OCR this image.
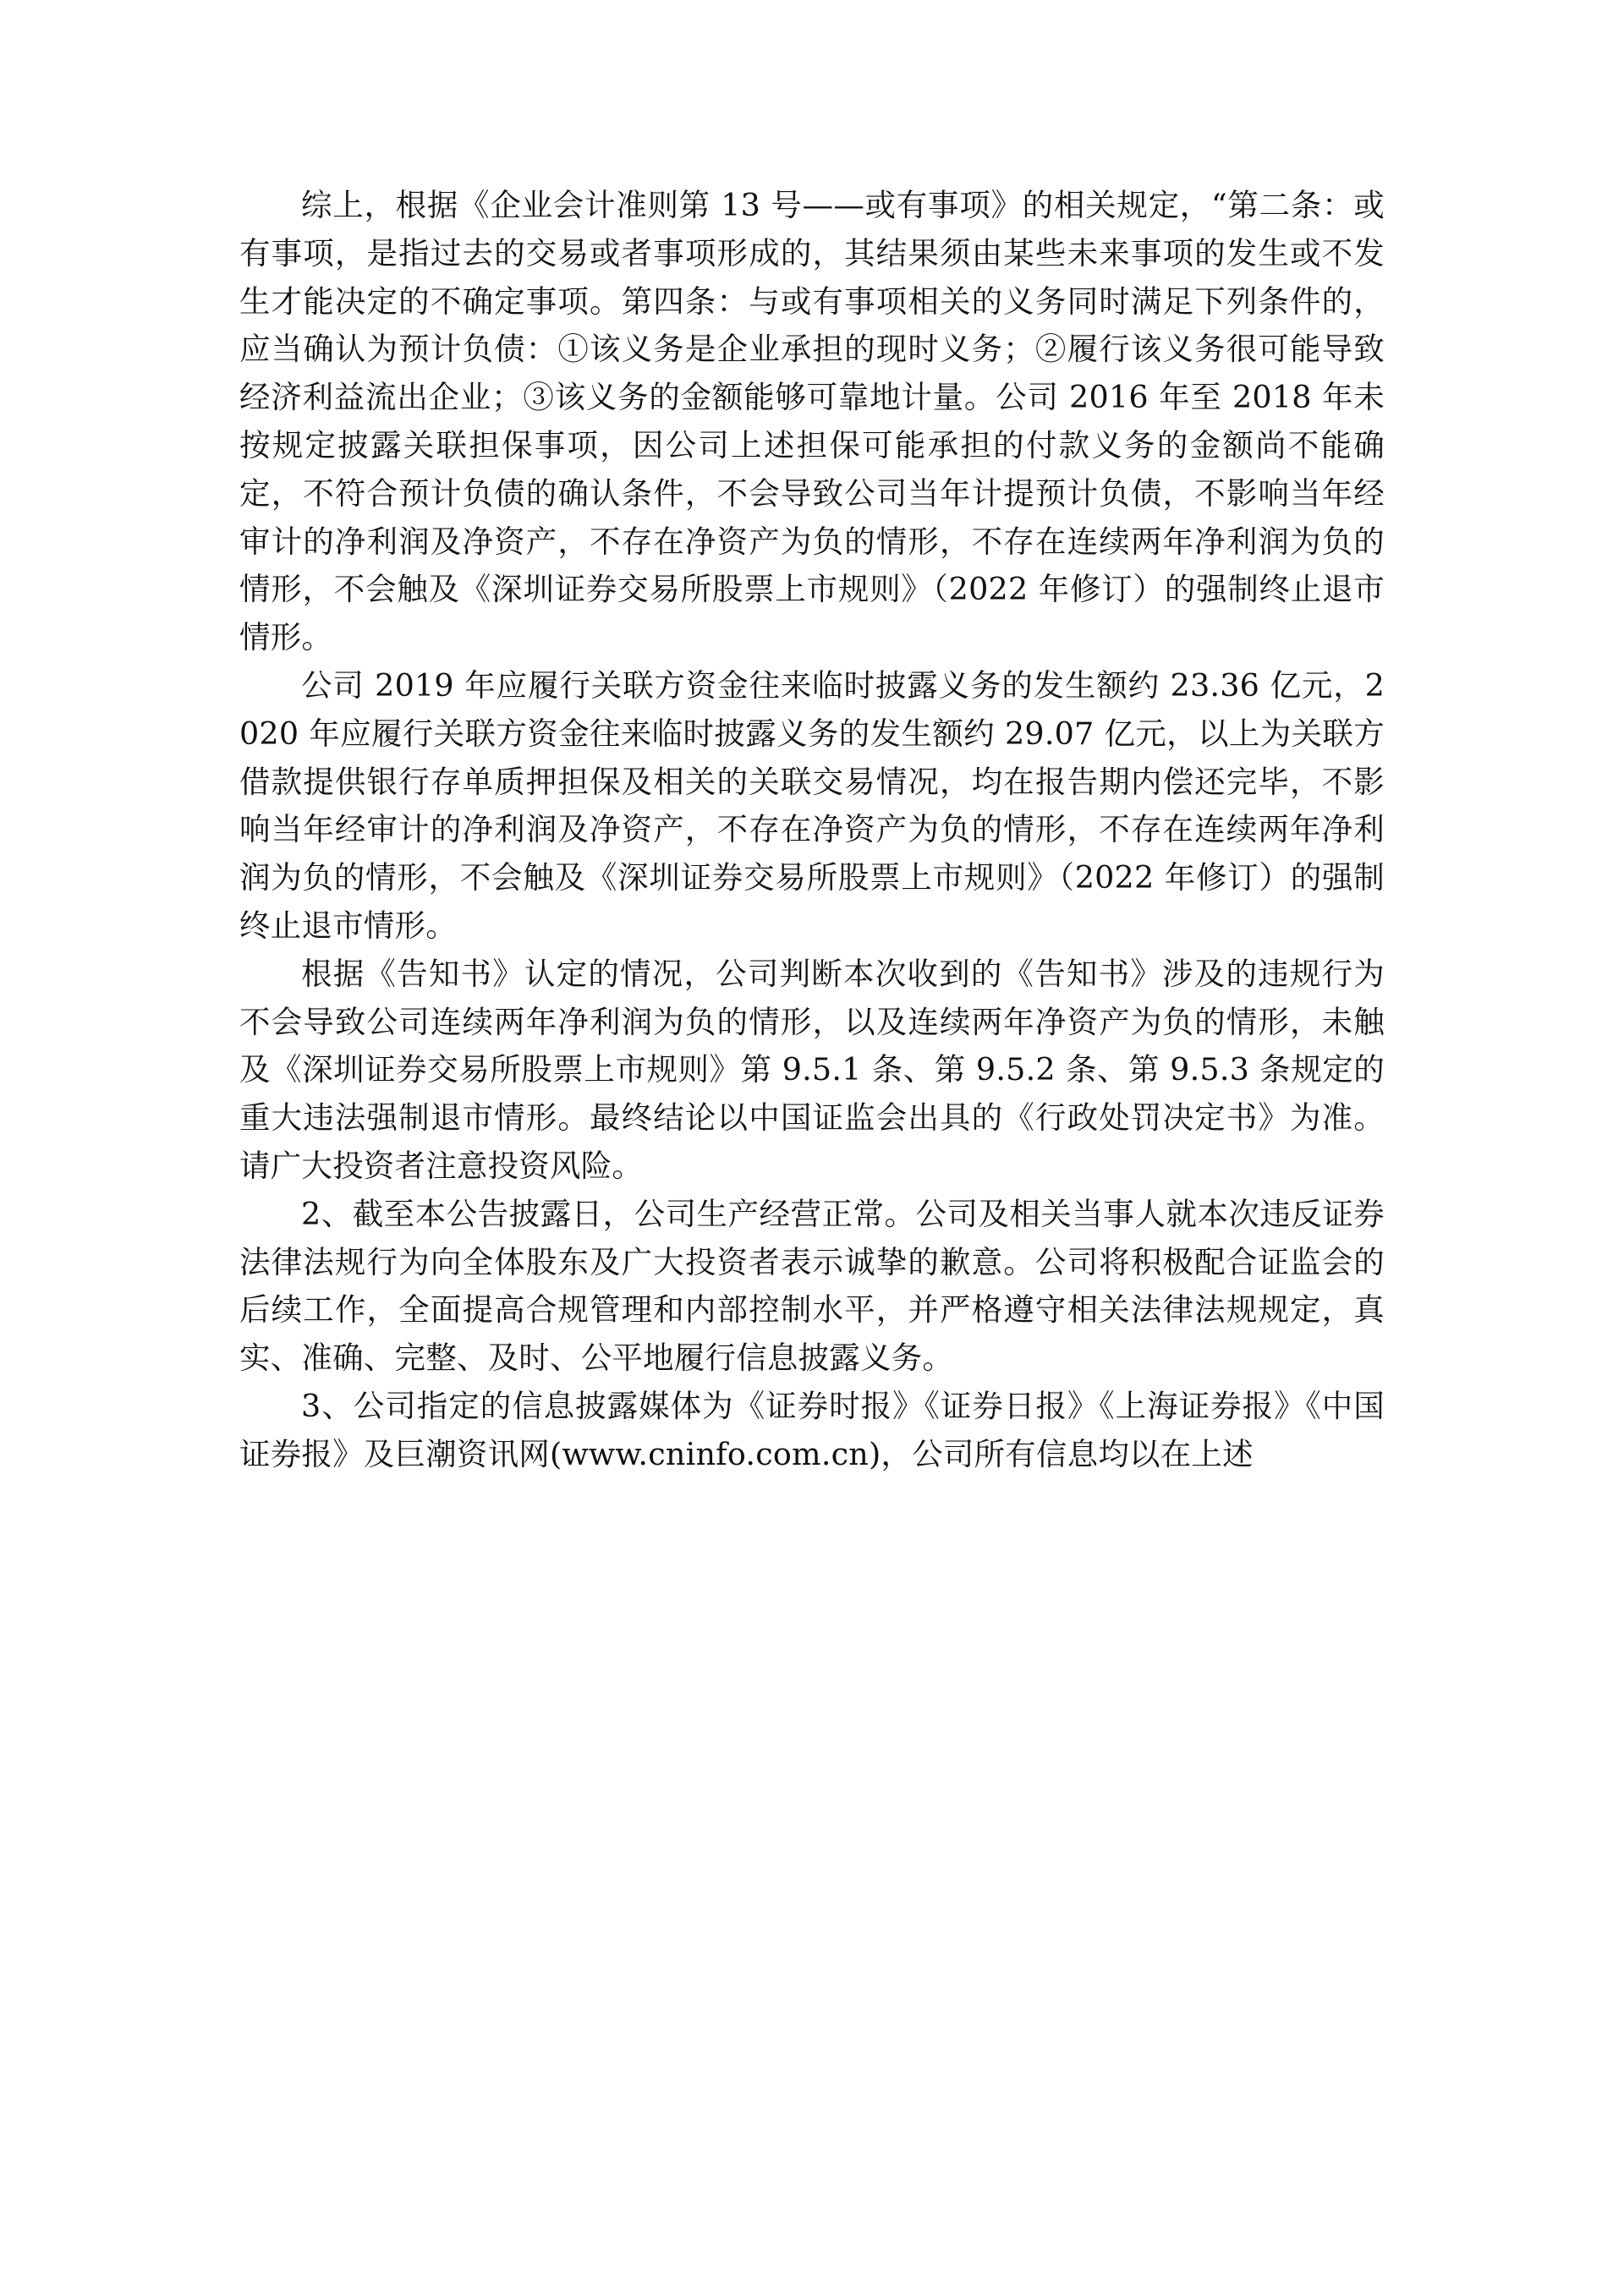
综上，根据《企业会计准则第 13 号——或有事项》的相关规定，“第二条：或有事项，是指过去的交易或者事项形成的，其结果须由某些未来事项的发生或不发生才能决定的不确定事项。第四条：与或有事项相关的义务同时满足下列条件的，应当确认为预计负债：①该义务是企业承担的现时义务；②履行该义务很可能导致经济利益流出企业；③该义务的金额能够可靠地计量。公司 2016 年至 2018 年未按规定披露关联担保事项，因公司上述担保可能承担的付款义务的金额尚不能确定，不符合预计负债的确认条件，不会导致公司当年计提预计负债，不影响当年经审计的净利润及净资产，不存在净资产为负的情形，不存在连续两年净利润为负的情形，不会触及《深圳证券交易所股票上市规则》（2022 年修订）的强制终止退市情形。

公司 2019 年应履行关联方资金往来临时披露义务的发生额约 23.36 亿元，2020 年应履行关联方资金往来临时披露义务的发生额约 29.07 亿元，以上为关联方借款提供银行存单质押担保及相关的关联交易情况，均在报告期内偿还完毕，不影响当年经审计的净利润及净资产，不存在净资产为负的情形，不存在连续两年净利润为负的情形，不会触及《深圳证券交易所股票上市规则》（2022 年修订）的强制终止退市情形。

根据《告知书》认定的情况，公司判断本次收到的《告知书》涉及的违规行为不会导致公司连续两年净利润为负的情形，以及连续两年净资产为负的情形，未触及《深圳证券交易所股票上市规则》第 9.5.1 条、第 9.5.2 条、第 9.5.3 条规定的重大违法强制退市情形。最终结论以中国证监会出具的《行政处罚决定书》为准。请广大投资者注意投资风险。

2、截至本公告披露日，公司生产经营正常。公司及相关当事人就本次违反证券法律法规行为向全体股东及广大投资者表示诚挚的歉意。公司将积极配合证监会的后续工作，全面提高合规管理和内部控制水平，并严格遵守相关法律法规规定，真实、准确、完整、及时、公平地履行信息披露义务。

3、公司指定的信息披露媒体为《证券时报》《证券日报》《上海证券报》《中国证券报》及巨潮资讯网(www.cninfo.com.cn)，公司所有信息均以在上述
